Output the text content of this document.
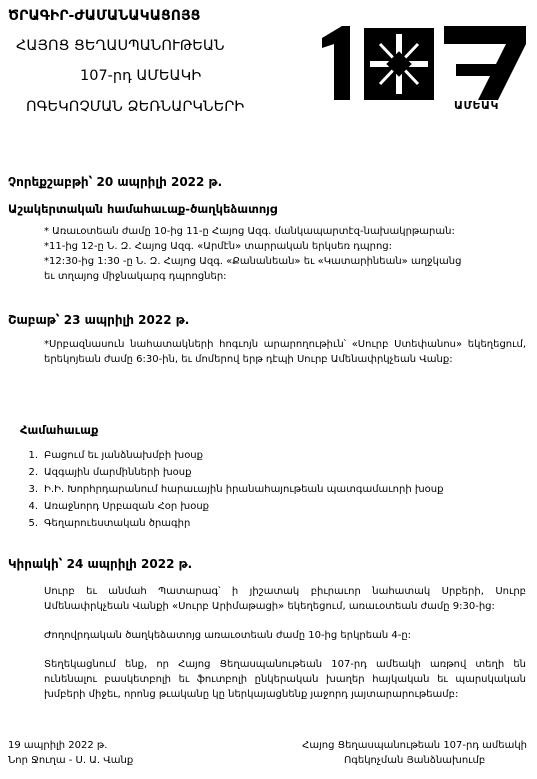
ԾՐԱԳԻՐ-ԺԱՄԱՆԱԿԱՑՈՅՑ
ՀԱՅՈՑ ՑԵՂԱՍՊԱՆՈՒԹԵԱՆ
107-րդ ԱՄԵԱԿԻ
ՈԳԵԿՈՉՄԱՆ ՁԵՌՆԱՐԿՆԵՐԻ	ԱՄԵԱԿ
Չորեքշաբթի՝ 20 ապրիլի 2022 թ.
Աշակերտական համահաւաք-ծաղկեձատոյց
* Առաւօտեան ժամը 10-ից 11-ը Հայոց Ազգ. մանկապարտէզ-նախակրթարան:
*11-ից 12-ը Ն. Զ. Հայոց Ազգ. «Արմէն» տարրական երկսեռ դպրոց:
*12:30-ից 1:30 -ը Ն. Զ. Հայոց Ազգ. «Քանանեան» եւ «Կատարինեան» աղջկանց
եւ տղայոց միջնակարգ դպրոցներ:
Շաբաթ՝ 23 ապրիլի 2022 թ.
*Սրբազնասուն նահատակների հոգւոյն արարողութիւն՝ «Սուրբ Ստեփանոս» եկեղեցում, երեկոյեան ժամը 6:30-ին, եւ մոմերով երթ դէպի Սուրբ Ամենափրկչեան Վանք:
Համահաւաք
1. Բացում եւ յանձնախմբի խօսք
2. Ազգային մարմինների խօսք
3. Ի.Ի. Խորհրդարանում հարաւային իրանահայութեան պատգամաւորի խօսք
4. Առաջնորդ Սրբազան Հօր խօսք
5. Գեղարուեստական ծրագիր
Կիրակի՝ 24 ապրիլի 2022 թ.
Սուրբ եւ անմահ Պատարագ՝ ի յիշատակ բիւրաւոր նահատակ Սրբերի, Սուրբ Ամենափրկչեան Վանքի «Սուրբ Արիմաթացի» եկեղեցում, առաւօտեան ժամը 9:30-ից:
Ժողովրդական ծաղկեձատոյց առաւօտեան ժամը 10-ից երկրեան 4-ը:
Տեղեկացնում ենք, որ Հայոց Ցեղասպանութեան 107-րդ ամեակի առթով տեղի են ունենալու բասկետբոլի եւ ֆուտբոլի ընկերական խաղեր հայկական եւ պարսկական խմբերի միջեւ, որոնց թւականը կը ներկայացնենք յաջորդ յայտարարութեամբ:
19 ապրիլի 2022 թ.
Նոր Ջուղա - Ս. Ա. Վանք
Հայոց Ցեղասպանութեան 107-րդ ամեակի
Ոգեկոչման Յանձնախումբ
